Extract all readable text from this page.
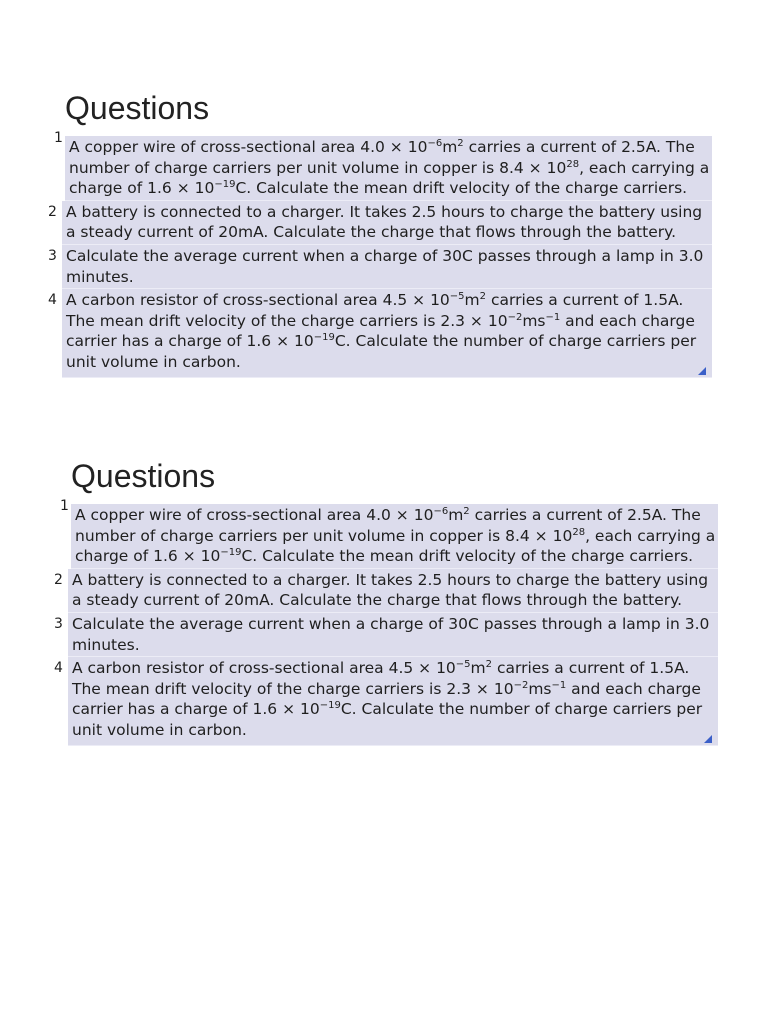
Questions
1 A copper wire of cross-sectional area $4.0 \times 10^{-6}m^2$ carries a current of 2.5A. The number of charge carriers per unit volume in copper is $8.4 \times 10^{28}$, each carrying a charge of $1.6 \times 10^{-19}C$. Calculate the mean drift velocity of the charge carriers.
2 A battery is connected to a charger. It takes 2.5 hours to charge the battery using a steady current of 20mA. Calculate the charge that flows through the battery.
3 Calculate the average current when a charge of 30C passes through a lamp in 3.0 minutes.
4 A carbon resistor of cross-sectional area $4.5 \times 10^{-5}m^2$ carries a current of 1.5A. The mean drift velocity of the charge carriers is $2.3 \times 10^{-2}ms^{-1}$ and each charge carrier has a charge of $1.6 \times 10^{-19}C$. Calculate the number of charge carriers per unit volume in carbon.
Questions
1 A copper wire of cross-sectional area $4.0 \times 10^{-6}m^2$ carries a current of 2.5A. The number of charge carriers per unit volume in copper is $8.4 \times 10^{28}$, each carrying a charge of $1.6 \times 10^{-19}C$. Calculate the mean drift velocity of the charge carriers.
2 A battery is connected to a charger. It takes 2.5 hours to charge the battery using a steady current of 20mA. Calculate the charge that flows through the battery.
3 Calculate the average current when a charge of 30C passes through a lamp in 3.0 minutes.
4 A carbon resistor of cross-sectional area $4.5 \times 10^{-5}m^2$ carries a current of 1.5A. The mean drift velocity of the charge carriers is $2.3 \times 10^{-2}ms^{-1}$ and each charge carrier has a charge of $1.6 \times 10^{-19}C$. Calculate the number of charge carriers per unit volume in carbon.
